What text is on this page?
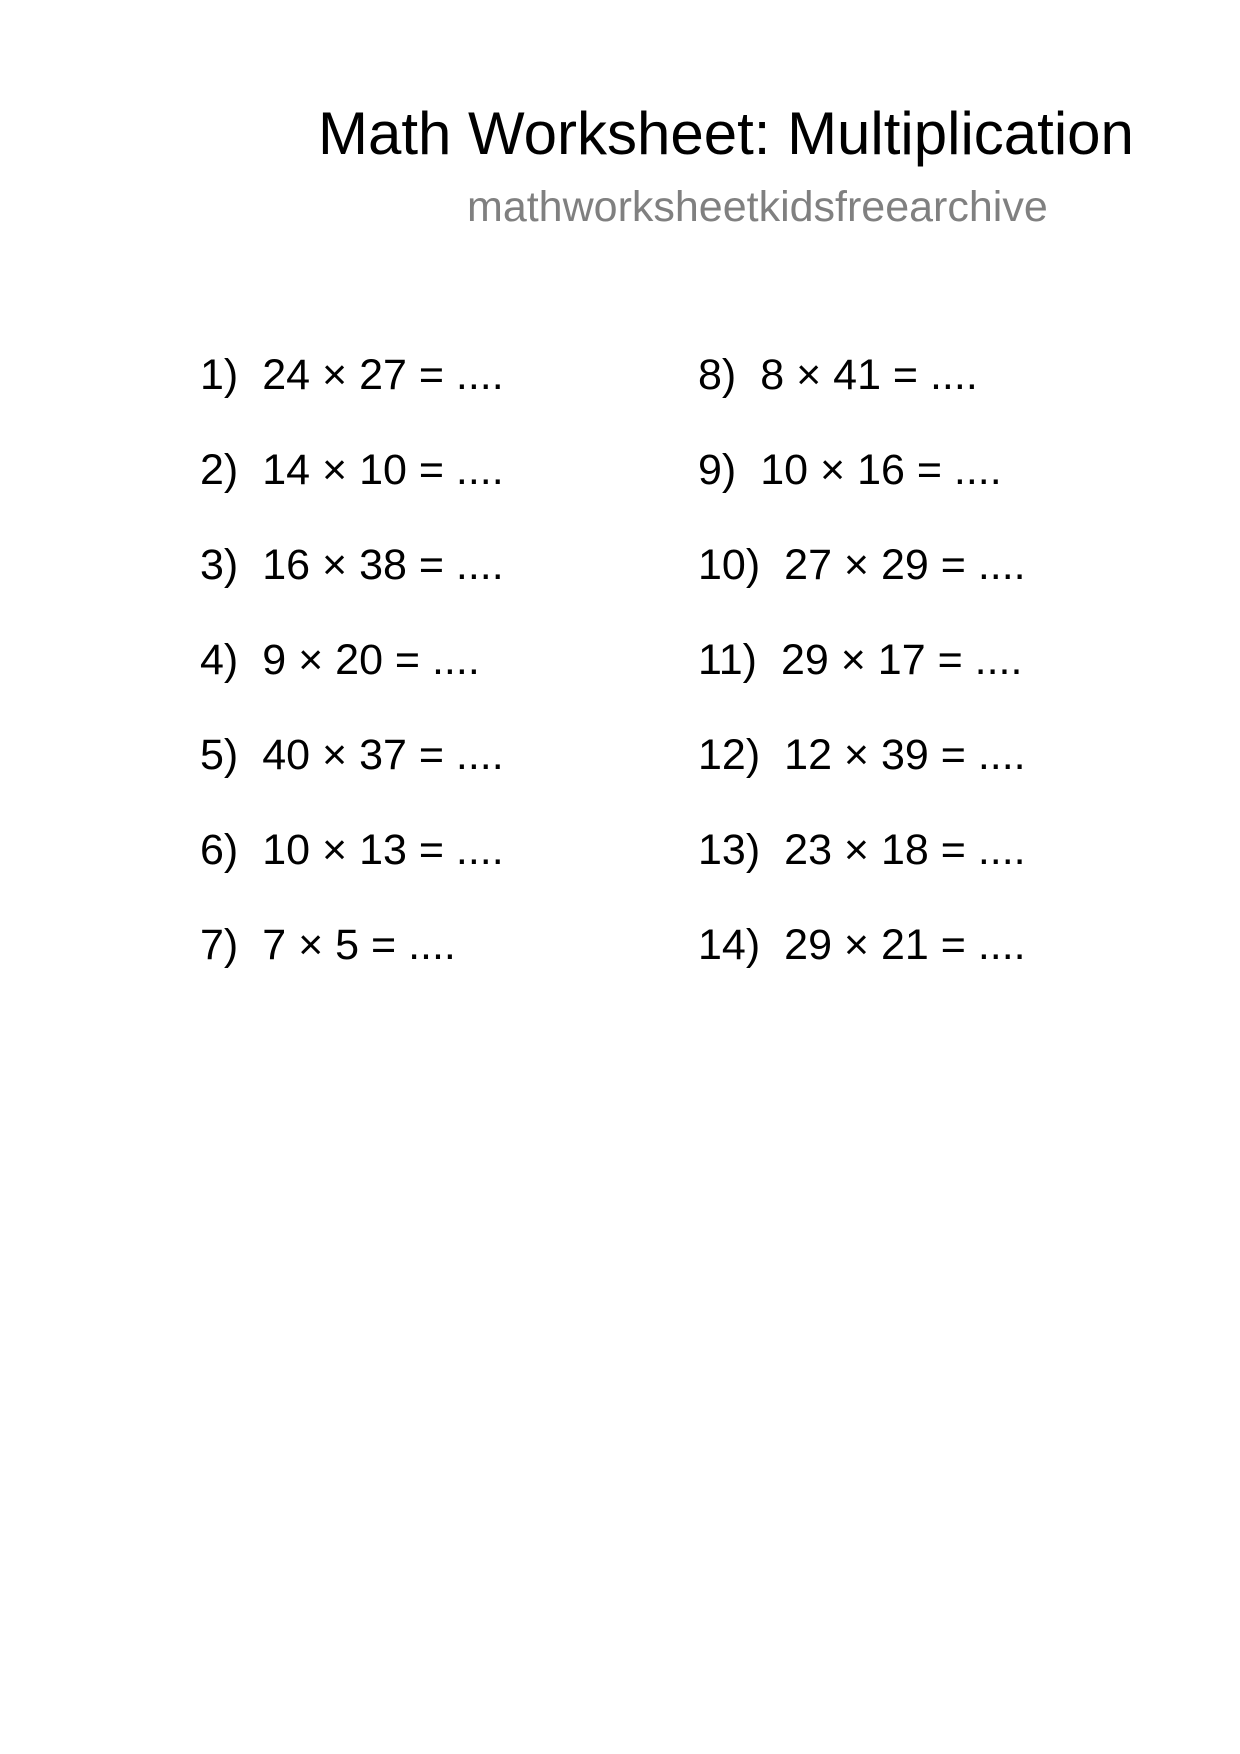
Math Worksheet: Multiplication
mathworksheetkidsfreearchive
1) 24 × 27 = ....
2) 14 × 10 = ....
3) 16 × 38 = ....
4) 9 × 20 = ....
5) 40 × 37 = ....
6) 10 × 13 = ....
7) 7 × 5 = ....
8) 8 × 41 = ....
9) 10 × 16 = ....
10) 27 × 29 = ....
11) 29 × 17 = ....
12) 12 × 39 = ....
13) 23 × 18 = ....
14) 29 × 21 = ....
